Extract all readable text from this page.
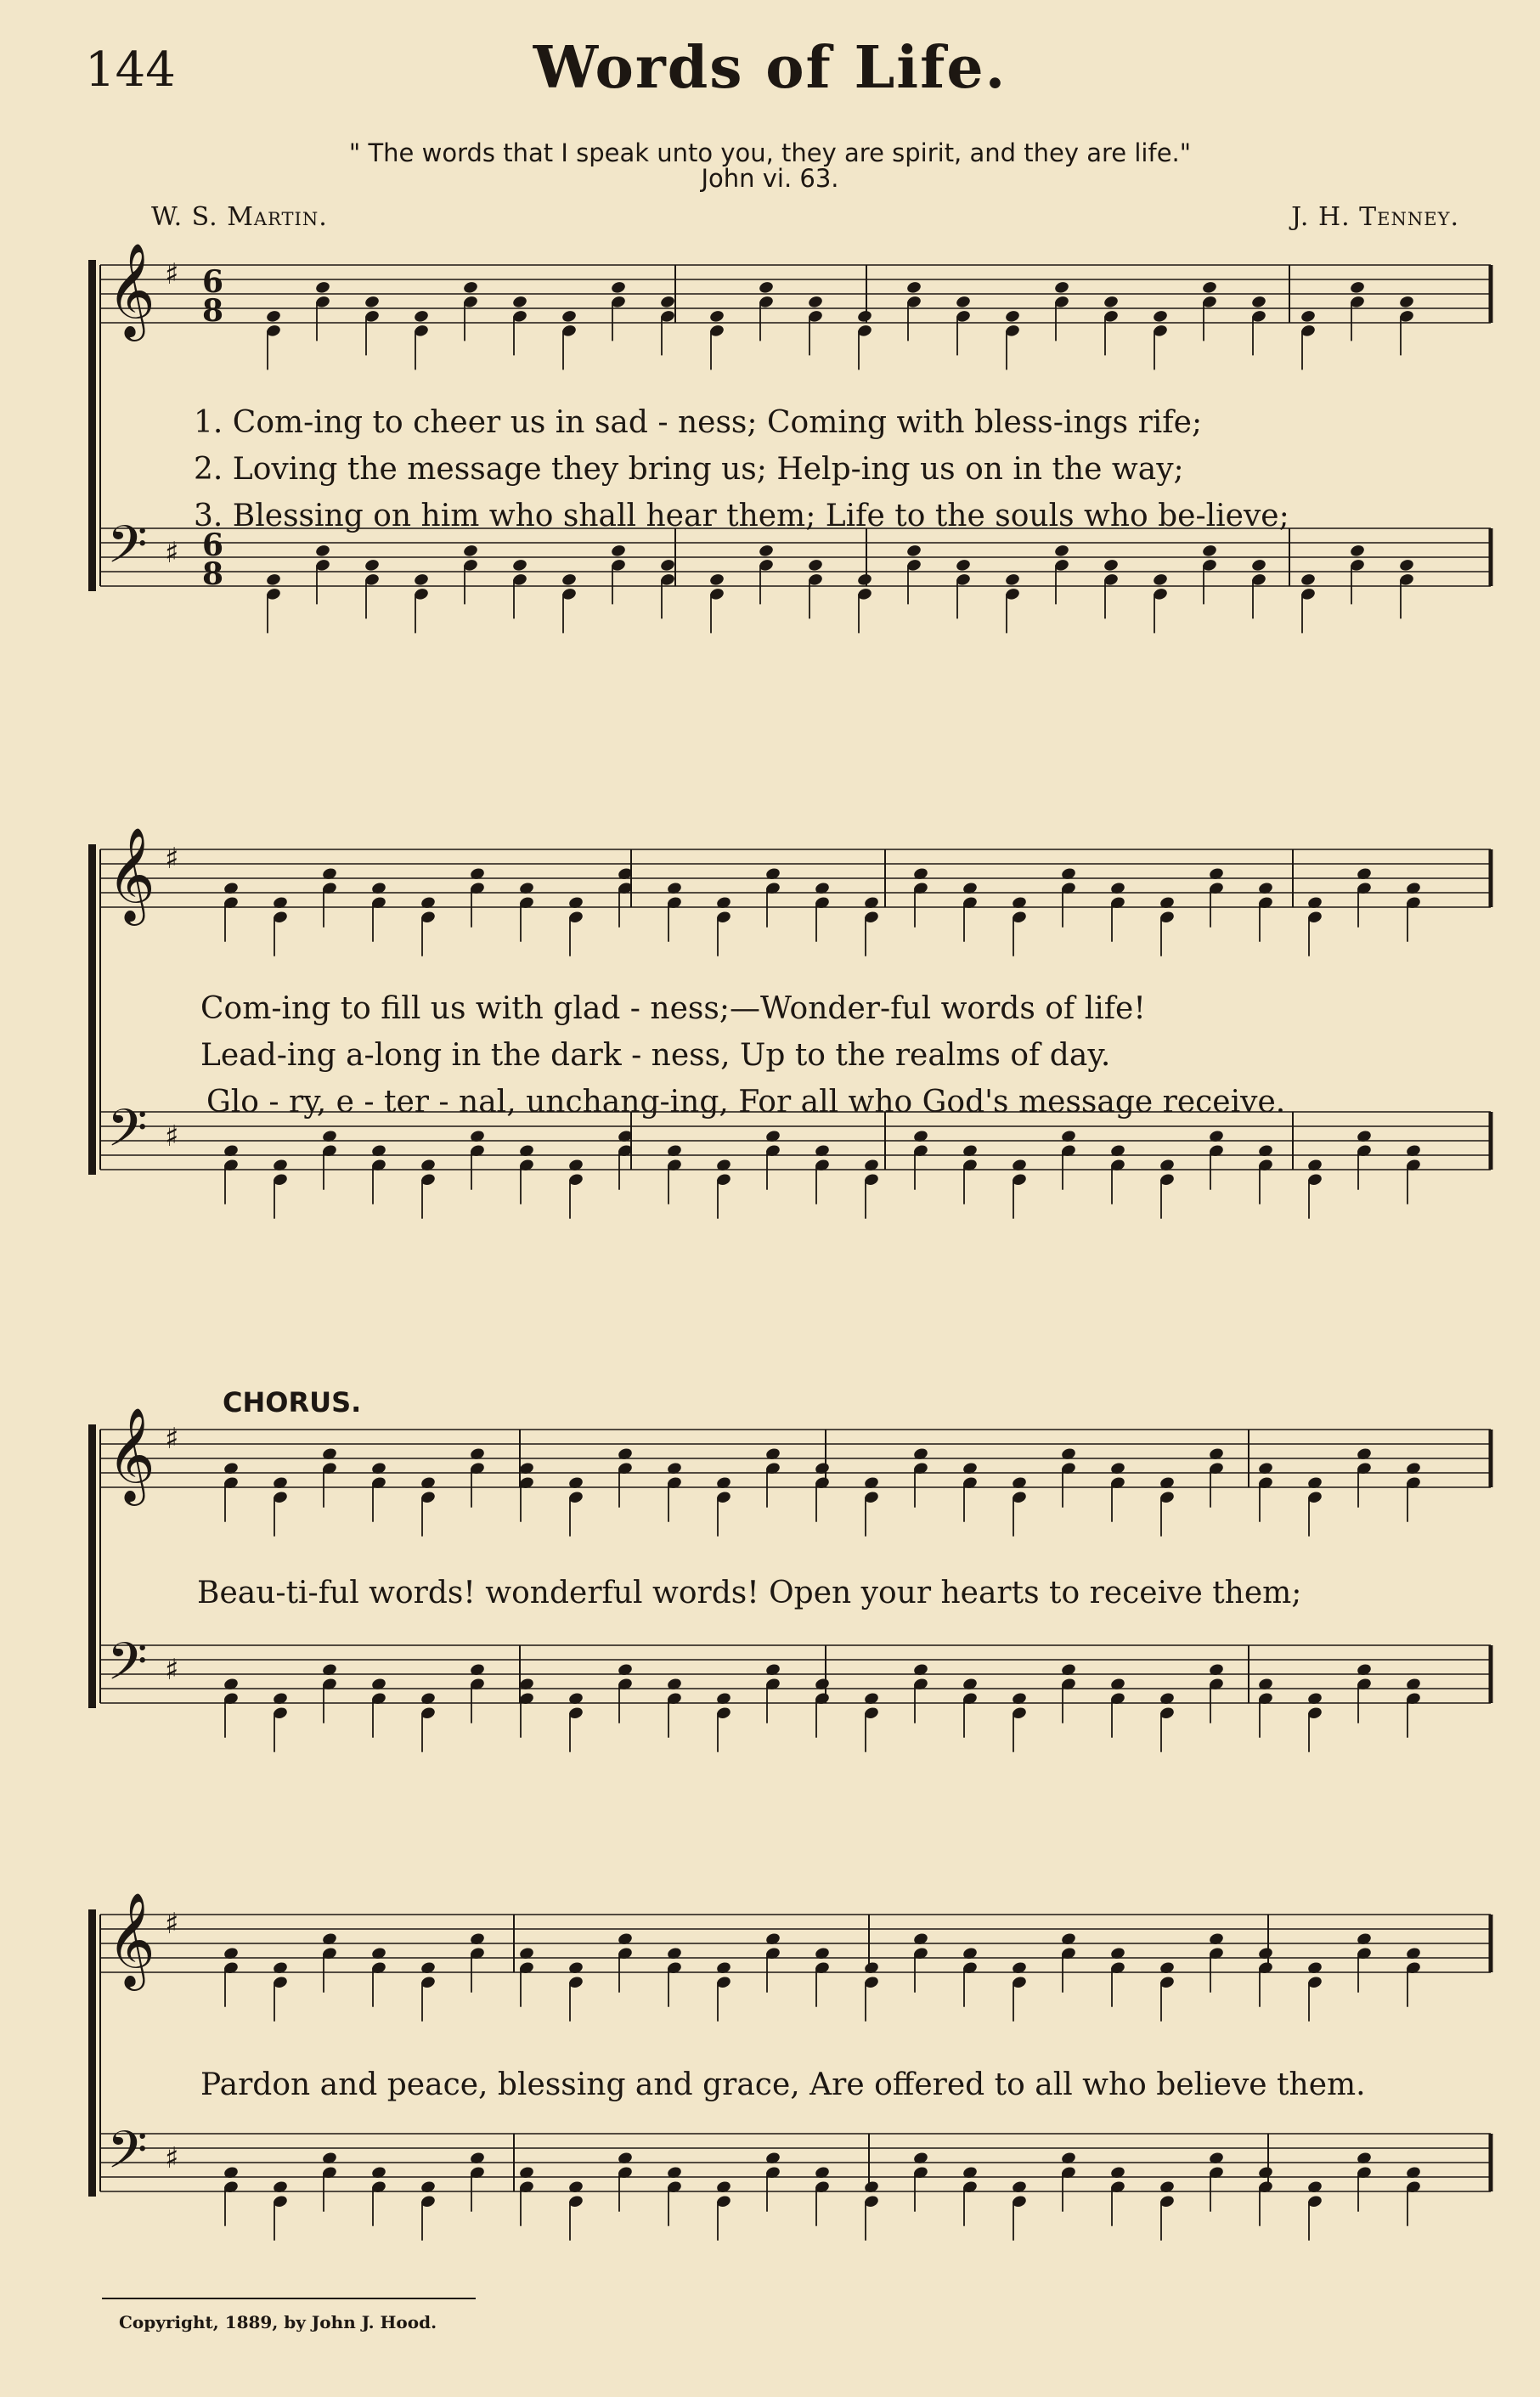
144	Words of Life.
" The words that I speak unto you, they are spirit, and they are life."
John vi. 63.
W. S. Martin.	J. H. Tenney.
𝄞 ♯
𝄢 ♯
6
8
6
8
𝄞 ♯
𝄢 ♯
𝄞 ♯
𝄢 ♯
𝄞 ♯
𝄢 ♯
1. Com-ing to cheer us in sad - ness; Coming with bless-ings rife;
2. Loving the message they bring us; Help-ing us on in the way;
3. Blessing on him who shall hear them; Life to the souls who be-lieve;
Com-ing to fill us with glad - ness;—Wonder-ful words of life!
Lead-ing a-long in the dark - ness, Up to the realms of day.
Glo - ry, e - ter - nal, unchang-ing, For all who God's message receive.
CHORUS.
Beau-ti-ful words! wonderful words! Open your hearts to receive them;
Pardon and peace, blessing and grace, Are offered to all who believe them.
Copyright, 1889, by John J. Hood.
